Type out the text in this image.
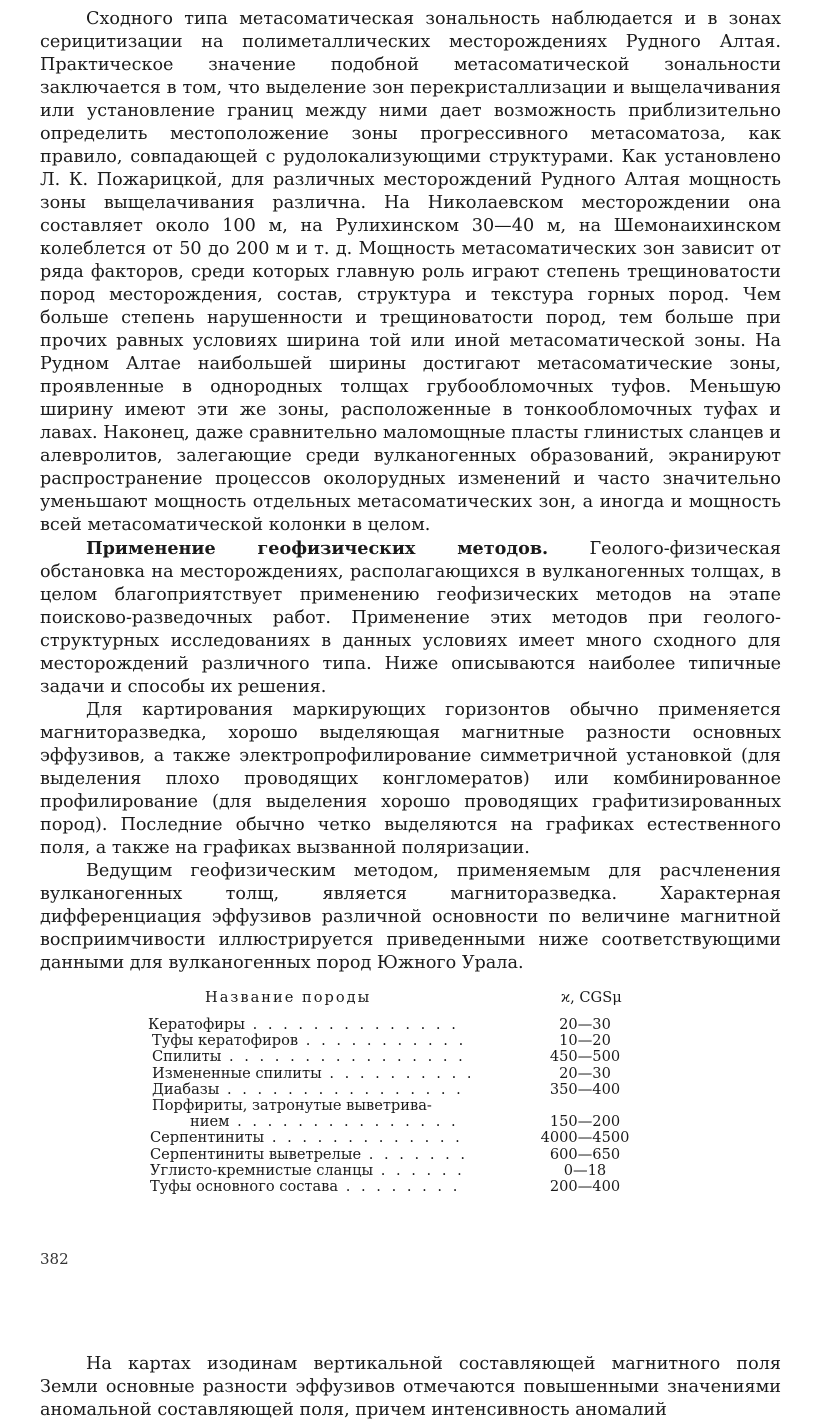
Сходного типа метасоматическая зональность наблюдается и в зонах серицитизации на полиметаллических месторождениях Рудного Алтая. Практическое значение подобной метасоматической зональности заключается в том, что выделение зон перекристаллизации и выщелачивания или установление границ между ними дает возможность приблизительно определить местоположение зоны прогрессивного метасоматоза, как правило, совпадающей с рудолокализующими структурами. Как установлено Л. К. Пожарицкой, для различных месторождений Рудного Алтая мощность зоны выщелачивания различна. На Николаевском месторождении она составляет около 100 м, на Рулихинском 30—40 м, на Шемонаихинском колеблется от 50 до 200 м и т. д. Мощность метасоматических зон зависит от ряда факторов, среди которых главную роль играют степень трещиноватости пород месторождения, состав, структура и текстура горных пород. Чем больше степень нарушенности и трещиноватости пород, тем больше при прочих равных условиях ширина той или иной метасоматической зоны. На Рудном Алтае наибольшей ширины достигают метасоматические зоны, проявленные в однородных толщах грубообломочных туфов. Меньшую ширину имеют эти же зоны, расположенные в тонкообломочных туфах и лавах. Наконец, даже сравнительно маломощные пласты глинистых сланцев и алевролитов, залегающие среди вулканогенных образований, экранируют распространение процессов околорудных изменений и часто значительно уменьшают мощность отдельных метасоматических зон, а иногда и мощность всей метасоматической колонки в целом.

Применение геофизических методов. Геолого-физическая обстановка на месторождениях, располагающихся в вулканогенных толщах, в целом благоприятствует применению геофизических методов на этапе поисково-разведочных работ. Применение этих методов при геолого-структурных исследованиях в данных условиях имеет много сходного для месторождений различного типа. Ниже описываются наиболее типичные задачи и способы их решения.

Для картирования маркирующих горизонтов обычно применяется магниторазведка, хорошо выделяющая магнитные разности основных эффузивов, а также электропрофилирование симметричной установкой (для выделения плохо проводящих конгломератов) или комбинированное профилирование (для выделения хорошо проводящих графитизированных пород). Последние обычно четко выделяются на графиках естественного поля, а также на графиках вызванной поляризации.

Ведущим геофизическим методом, применяемым для расчленения вулканогенных толщ, является магниторазведка. Характерная дифференциация эффузивов различной основности по величине магнитной восприимчивости иллюстрируется приведенными ниже соответствующими данными для вулканогенных пород Южного Урала.

Название породы	ϰ, CGSμ
Кератофиры . . .	20—30
Туфы кератофиров . . .	10—20
Спилиты . . .	450—500
Измененные спилиты . . .	20—30
Диабазы . . .	350—400
Порфириты, затронутые выветрива-
нием . . .	150—200
Серпентиниты . . .	4000—4500
Серпентиниты выветрелые . . .	600—650
Углисто-кремнистые сланцы . . .	0—18
Туфы основного состава . . .	200—400

На картах изодинам вертикальной составляющей магнитного поля Земли основные разности эффузивов отмечаются повышенными значениями аномальной составляющей поля, причем интенсивность аномалий

382
